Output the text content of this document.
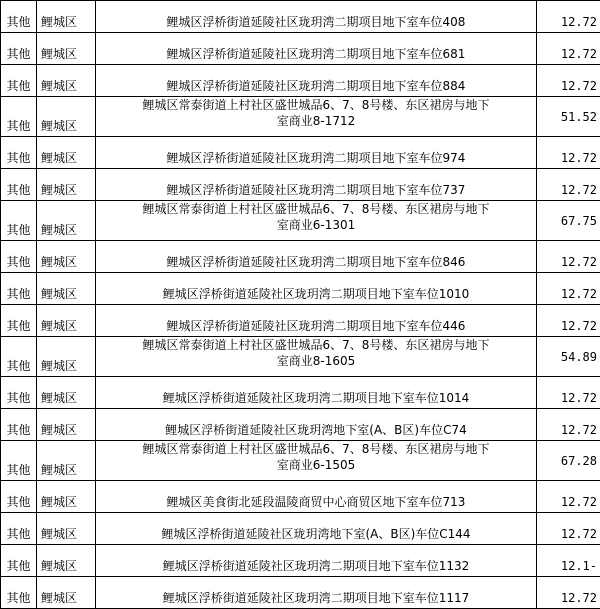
其他	鲤城区	鲤城区浮桥街道延陵社区珑玥湾二期项目地下室车位408	12.72
其他	鲤城区	鲤城区浮桥街道延陵社区珑玥湾二期项目地下室车位681	12.72
其他	鲤城区	鲤城区浮桥街道延陵社区珑玥湾二期项目地下室车位884	12.72
其他	鲤城区	鲤城区常泰街道上村社区盛世城品6、7、8号楼、东区裙房与地下
室商业8-1712	51.52
其他	鲤城区	鲤城区浮桥街道延陵社区珑玥湾二期项目地下室车位974	12.72
其他	鲤城区	鲤城区浮桥街道延陵社区珑玥湾二期项目地下室车位737	12.72
其他	鲤城区	鲤城区常泰街道上村社区盛世城品6、7、8号楼、东区裙房与地下
室商业6-1301	67.75
其他	鲤城区	鲤城区浮桥街道延陵社区珑玥湾二期项目地下室车位846	12.72
其他	鲤城区	鲤城区浮桥街道延陵社区珑玥湾二期项目地下室车位1010	12.72
其他	鲤城区	鲤城区浮桥街道延陵社区珑玥湾二期项目地下室车位446	12.72
其他	鲤城区	鲤城区常泰街道上村社区盛世城品6、7、8号楼、东区裙房与地下
室商业8-1605	54.89
其他	鲤城区	鲤城区浮桥街道延陵社区珑玥湾二期项目地下室车位1014	12.72
其他	鲤城区	鲤城区浮桥街道延陵社区珑玥湾地下室(A、B区)车位C74	12.72
其他	鲤城区	鲤城区常泰街道上村社区盛世城品6、7、8号楼、东区裙房与地下
室商业6-1505	67.28
其他	鲤城区	鲤城区美食街北延段温陵商贸中心商贸区地下室车位713	12.72
其他	鲤城区	鲤城区浮桥街道延陵社区珑玥湾地下室(A、B区)车位C144	12.72
其他	鲤城区	鲤城区浮桥街道延陵社区珑玥湾二期项目地下室车位1132	12.1-
其他	鲤城区	鲤城区浮桥街道延陵社区珑玥湾二期项目地下室车位1117	12.72
